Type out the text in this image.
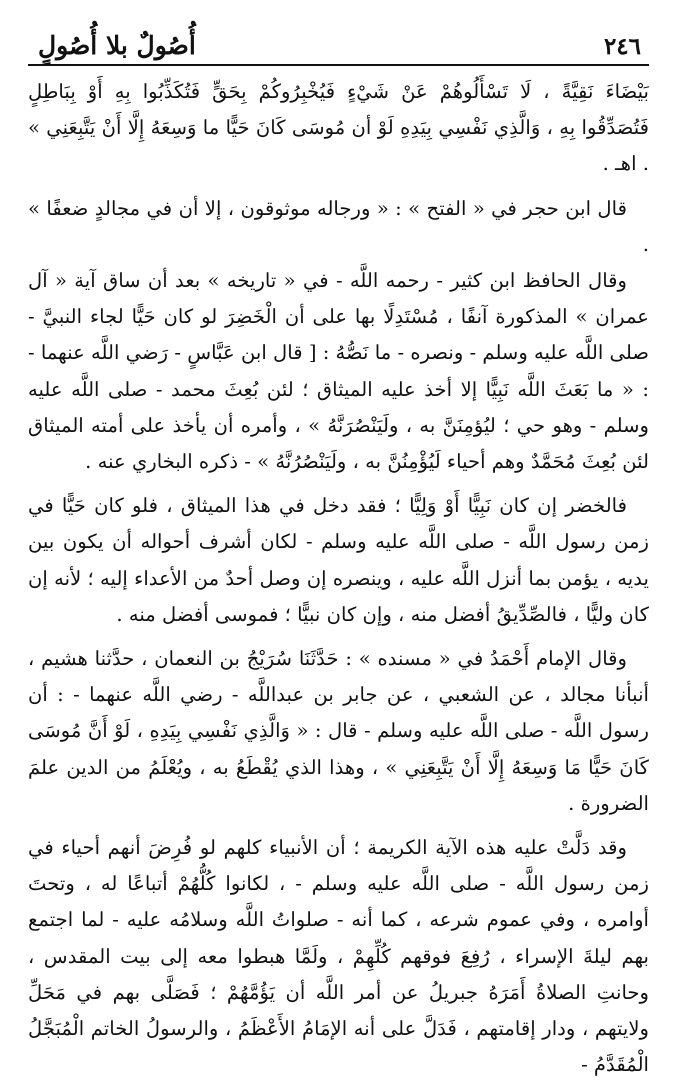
أُصُولٌ بلا أُصُولٍ	٢٤٦

بَيْضَاءَ نَقِيَّةً ، لَا تَسْأَلُوهُمْ عَنْ شَيْءٍ فَيُخْبِرُوكُمْ بِحَقٍّ فَتُكَذِّبُوا بِهِ أَوْ بِبَاطِلٍ فَتُصَدِّقُوا بِهِ ، وَالَّذِي نَفْسِي بِيَدِهِ لَوْ أن مُوسَى كَانَ حَيًّا ما وَسِعَهُ إِلَّا أَنْ يَتَّبِعَنِي » . اهـ .

قال ابن حجر في « الفتح » : « ورجاله موثوقون ، إلا أن في مجالدٍ ضعفًا » .

وقال الحافظ ابن كثير - رحمه اللَّه - في « تاريخه » بعد أن ساق آية « آل عمران » المذكورة آنفًا ، مُسْتَدِلًا بها على أن الْخَضِرَ لو كان حَيًّا لجاء النبيَّ - صلى اللَّه عليه وسلم - ونصره - ما نَصُّهُ : [ قال ابن عَبَّاسٍ - رَضي اللَّه عنهما - : « ما بَعَثَ اللَّه نَبِيًّا إلا أخذ عليه الميثاق ؛ لئن بُعِثَ محمد - صلى اللَّه عليه وسلم - وهو حي ؛ ليُؤمِنَنَّ به ، ولَيَنْصُرَنَّهُ » ، وأمره أن يأخذ على أمته الميثاق لئن بُعِثَ مُحَمَّدٌ وهم أحياء لَيُؤْمِنُنَّ به ، ولَيَنْصُرُنَّهُ » - ذكره البخاري عنه .

فالخضر إن كان نَبِيًّا أَوْ وَلِيًّا ؛ فقد دخل في هذا الميثاق ، فلو كان حَيًّا في زمن رسول اللَّه - صلى اللَّه عليه وسلم - لكان أشرف أحواله أن يكون بين يديه ، يؤمن بما أنزل اللَّه عليه ، وينصره إن وصل أحدٌ من الأعداء إليه ؛ لأنه إن كان وليًّا ، فالصِّدِّيقُ أفضل منه ، وإن كان نبيًّا ؛ فموسى أفضل منه .

وقال الإمام أَحْمَدُ في « مسنده » : حَدَّثَنَا سُرَيْجُ بن النعمان ، حدَّثنا هشيم ، أنبأنا مجالد ، عن الشعبي ، عن جابر بن عبداللَّه - رضي اللَّه عنهما - : أن رسول اللَّه - صلى اللَّه عليه وسلم - قال : « وَالَّذِي نَفْسِي بِيَدِهِ ، لَوْ أَنَّ مُوسَى كَانَ حَيًّا مَا وَسِعَهُ إِلَّا أَنْ يَتَّبِعَنِي » ، وهذا الذي يُقْطَعُ به ، ويُعْلَمُ من الدين علمَ الضرورة .

وقد دَلَّتْ عليه هذه الآية الكريمة ؛ أن الأنبياء كلهم لو فُرِضَ أنهم أحياء في زمن رسول اللَّه - صلى اللَّه عليه وسلم - ، لكانوا كُلُّهُمْ أتباعًا له ، وتحتَ أوامره ، وفي عموم شرعه ، كما أنه - صلواتُ اللَّه وسلامُه عليه - لما اجتمع بهم ليلةَ الإسراء ، رُفِعَ فوقهم كُلِّهِمْ ، ولَمَّا هبطوا معه إلى بيت المقدس ، وحانتِ الصلاةُ أَمَرَهُ جبريلُ عن أمر اللَّه أن يَؤُمَّهُمْ ؛ فَصَلَّى بهم في مَحَلِّ ولايتهم ، ودار إقامتهم ، فَدَلَّ على أنه الإمَامُ الأَعْظَمُ ، والرسولُ الخاتم الْمُبَجَّلُ الْمُقَدَّمُ -
